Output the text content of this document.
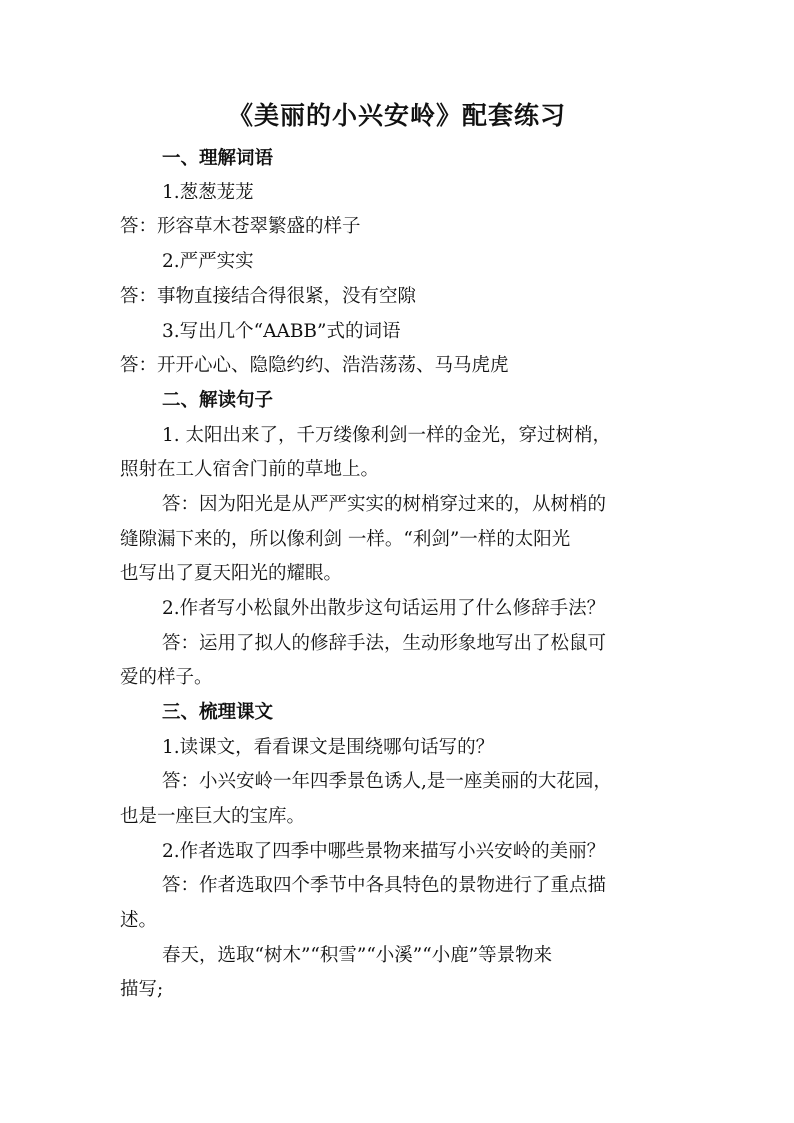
《美丽的小兴安岭》配套练习
一、理解词语
1.葱葱茏茏
答：形容草木苍翠繁盛的样子
2.严严实实
答：事物直接结合得很紧，没有空隙
3.写出几个“AABB”式的词语
答：开开心心、隐隐约约、浩浩荡荡、马马虎虎
二、解读句子
1. 太阳出来了，千万缕像利剑一样的金光，穿过树梢，
照射在工人宿舍门前的草地上。
答：因为阳光是从严严实实的树梢穿过来的，从树梢的
缝隙漏下来的，所以像利剑 一样。“利剑”一样的太阳光
也写出了夏天阳光的耀眼。
2.作者写小松鼠外出散步这句话运用了什么修辞手法？
答：运用了拟人的修辞手法，生动形象地写出了松鼠可
爱的样子。
三、梳理课文
1.读课文，看看课文是围绕哪句话写的？
答：小兴安岭一年四季景色诱人,是一座美丽的大花园，
也是一座巨大的宝库。
2.作者选取了四季中哪些景物来描写小兴安岭的美丽？
答：作者选取四个季节中各具特色的景物进行了重点描
述。
春天，选取“树木”“积雪”“小溪”“小鹿”等景物来
描写;
